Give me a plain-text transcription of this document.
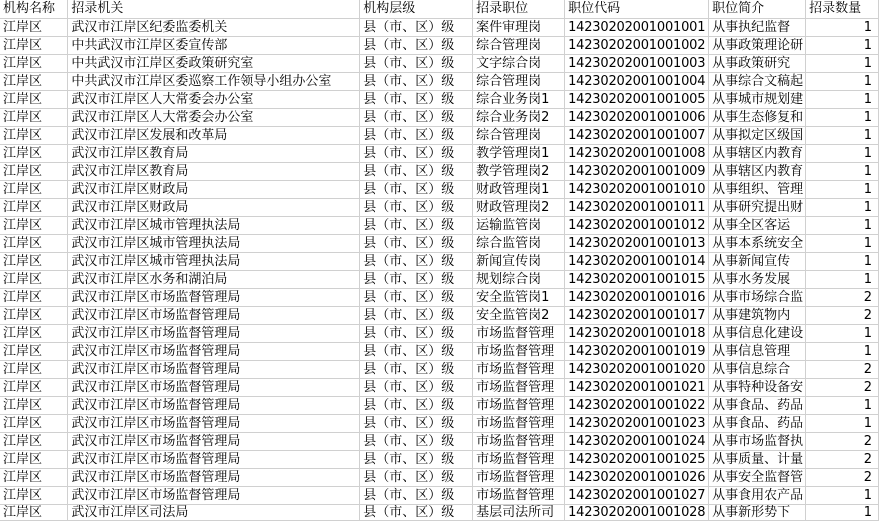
机构名称	招录机关	机构层级	招录职位	职位代码	职位简介	招录数量
江岸区	武汉市江岸区纪委监委机关	县（市、区）级	案件审理岗	14230202001001001	从事执纪监督	1
江岸区	中共武汉市江岸区委宣传部	县（市、区）级	综合管理岗	14230202001001002	从事政策理论研	1
江岸区	中共武汉市江岸区委政策研究室	县（市、区）级	文字综合岗	14230202001001003	从事政策研究	1
江岸区	中共武汉市江岸区委巡察工作领导小组办公室	县（市、区）级	综合管理岗	14230202001001004	从事综合文稿起	1
江岸区	武汉市江岸区人大常委会办公室	县（市、区）级	综合业务岗1	14230202001001005	从事城市规划建	1
江岸区	武汉市江岸区人大常委会办公室	县（市、区）级	综合业务岗2	14230202001001006	从事生态修复和	1
江岸区	武汉市江岸区发展和改革局	县（市、区）级	综合管理岗	14230202001001007	从事拟定区级国	1
江岸区	武汉市江岸区教育局	县（市、区）级	教学管理岗1	14230202001001008	从事辖区内教育	1
江岸区	武汉市江岸区教育局	县（市、区）级	教学管理岗2	14230202001001009	从事辖区内教育	1
江岸区	武汉市江岸区财政局	县（市、区）级	财政管理岗1	14230202001001010	从事组织、管理	1
江岸区	武汉市江岸区财政局	县（市、区）级	财政管理岗2	14230202001001011	从事研究提出财	1
江岸区	武汉市江岸区城市管理执法局	县（市、区）级	运输监管岗	14230202001001012	从事全区客运	1
江岸区	武汉市江岸区城市管理执法局	县（市、区）级	综合监管岗	14230202001001013	从事本系统安全	1
江岸区	武汉市江岸区城市管理执法局	县（市、区）级	新闻宣传岗	14230202001001014	从事新闻宣传	1
江岸区	武汉市江岸区水务和湖泊局	县（市、区）级	规划综合岗	14230202001001015	从事水务发展	1
江岸区	武汉市江岸区市场监督管理局	县（市、区）级	安全监管岗1	14230202001001016	从事市场综合监	2
江岸区	武汉市江岸区市场监督管理局	县（市、区）级	安全监管岗2	14230202001001017	从事建筑物内	2
江岸区	武汉市江岸区市场监督管理局	县（市、区）级	市场监督管理	14230202001001018	从事信息化建设	1
江岸区	武汉市江岸区市场监督管理局	县（市、区）级	市场监督管理	14230202001001019	从事信息管理	1
江岸区	武汉市江岸区市场监督管理局	县（市、区）级	市场监督管理	14230202001001020	从事信息综合	2
江岸区	武汉市江岸区市场监督管理局	县（市、区）级	市场监督管理	14230202001001021	从事特种设备安	2
江岸区	武汉市江岸区市场监督管理局	县（市、区）级	市场监督管理	14230202001001022	从事食品、药品	1
江岸区	武汉市江岸区市场监督管理局	县（市、区）级	市场监督管理	14230202001001023	从事食品、药品	1
江岸区	武汉市江岸区市场监督管理局	县（市、区）级	市场监督管理	14230202001001024	从事市场监督执	2
江岸区	武汉市江岸区市场监督管理局	县（市、区）级	市场监督管理	14230202001001025	从事质量、计量	2
江岸区	武汉市江岸区市场监督管理局	县（市、区）级	市场监督管理	14230202001001026	从事安全监督管	2
江岸区	武汉市江岸区市场监督管理局	县（市、区）级	市场监督管理	14230202001001027	从事食用农产品	1
江岸区	武汉市江岸区司法局	县（市、区）级	基层司法所司	14230202001001028	从事新形势下	1
